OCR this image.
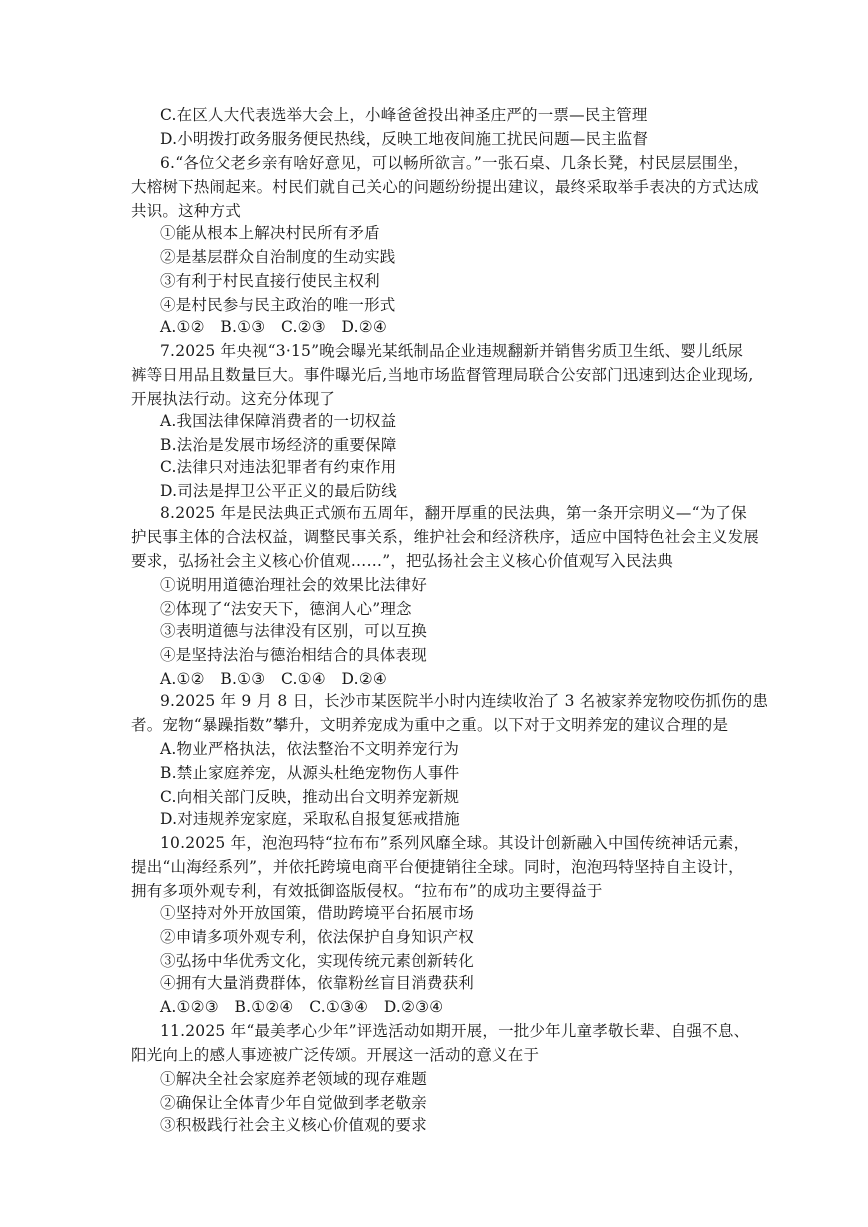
C.在区人大代表选举大会上，小峰爸爸投出神圣庄严的一票—民主管理
D.小明拨打政务服务便民热线，反映工地夜间施工扰民问题—民主监督
6.“各位父老乡亲有啥好意见，可以畅所欲言。”一张石桌、几条长凳，村民层层围坐，
大榕树下热闹起来。村民们就自己关心的问题纷纷提出建议，最终采取举手表决的方式达成
共识。这种方式
①能从根本上解决村民所有矛盾
②是基层群众自治制度的生动实践
③有利于村民直接行使民主权利
④是村民参与民主政治的唯一形式
A.①②　B.①③　C.②③　D.②④
7.2025 年央视“3·15”晚会曝光某纸制品企业违规翻新并销售劣质卫生纸、婴儿纸尿
裤等日用品且数量巨大。事件曝光后,当地市场监督管理局联合公安部门迅速到达企业现场,
开展执法行动。这充分体现了
A.我国法律保障消费者的一切权益
B.法治是发展市场经济的重要保障
C.法律只对违法犯罪者有约束作用
D.司法是捍卫公平正义的最后防线
8.2025 年是民法典正式颁布五周年，翻开厚重的民法典，第一条开宗明义—“为了保
护民事主体的合法权益，调整民事关系，维护社会和经济秩序，适应中国特色社会主义发展
要求，弘扬社会主义核心价值观……”，把弘扬社会主义核心价值观写入民法典
①说明用道德治理社会的效果比法律好
②体现了“法安天下，德润人心”理念
③表明道德与法律没有区别，可以互换
④是坚持法治与德治相结合的具体表现
A.①②　B.①③　C.①④　D.②④
9.2025 年 9 月 8 日，长沙市某医院半小时内连续收治了 3 名被家养宠物咬伤抓伤的患
者。宠物“暴躁指数”攀升，文明养宠成为重中之重。以下对于文明养宠的建议合理的是
A.物业严格执法，依法整治不文明养宠行为
B.禁止家庭养宠，从源头杜绝宠物伤人事件
C.向相关部门反映，推动出台文明养宠新规
D.对违规养宠家庭，采取私自报复惩戒措施
10.2025 年，泡泡玛特“拉布布”系列风靡全球。其设计创新融入中国传统神话元素，
提出“山海经系列”，并依托跨境电商平台便捷销往全球。同时，泡泡玛特坚持自主设计，
拥有多项外观专利，有效抵御盗版侵权。“拉布布”的成功主要得益于
①坚持对外开放国策，借助跨境平台拓展市场
②申请多项外观专利，依法保护自身知识产权
③弘扬中华优秀文化，实现传统元素创新转化
④拥有大量消费群体，依靠粉丝盲目消费获利
A.①②③　B.①②④　C.①③④　D.②③④
11.2025 年“最美孝心少年”评选活动如期开展，一批少年儿童孝敬长辈、自强不息、
阳光向上的感人事迹被广泛传颂。开展这一活动的意义在于
①解决全社会家庭养老领域的现存难题
②确保让全体青少年自觉做到孝老敬亲
③积极践行社会主义核心价值观的要求
